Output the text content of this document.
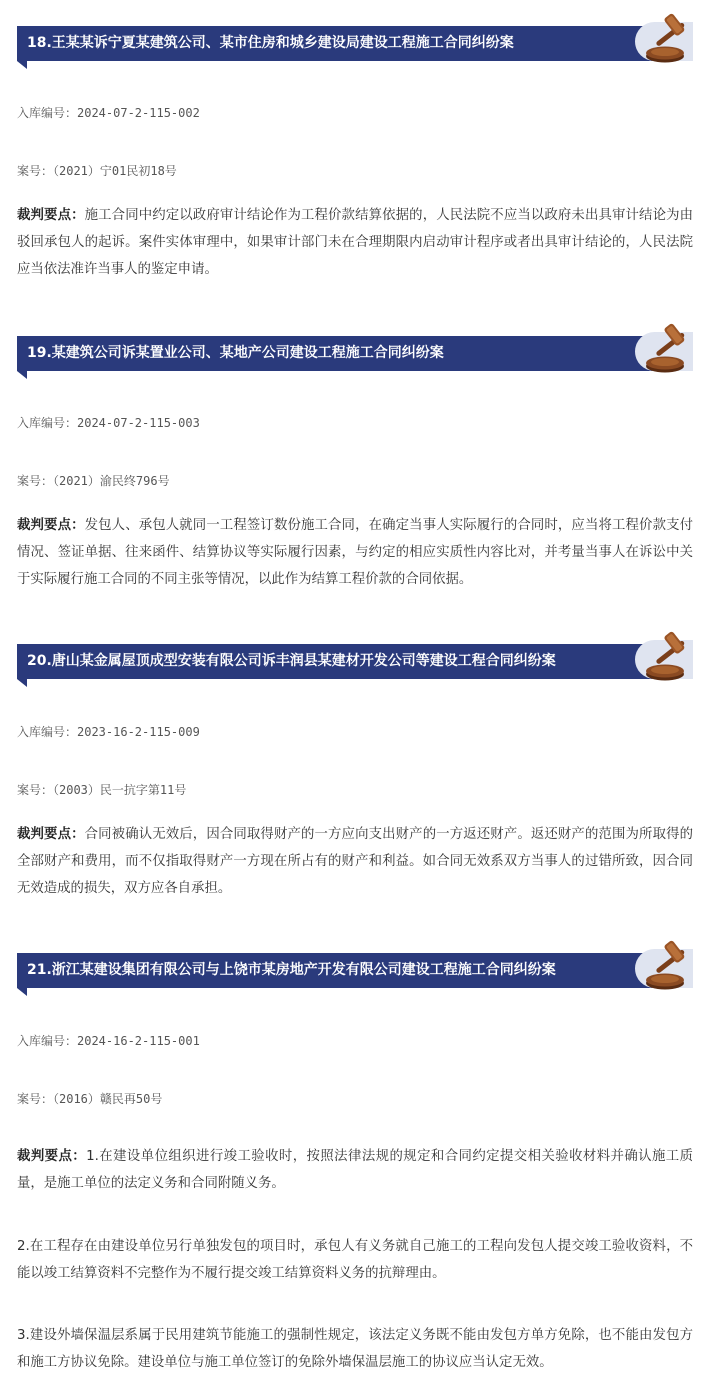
18.王某某诉宁夏某建筑公司、某市住房和城乡建设局建设工程施工合同纠纷案
入库编号：2024-07-2-115-002
案号：（2021）宁01民初18号

裁判要点：施工合同中约定以政府审计结论作为工程价款结算依据的，人民法院不应当以政府未出具审计结论为由驳回承包人的起诉。案件实体审理中，如果审计部门未在合理期限内启动审计程序或者出具审计结论的，人民法院应当依法准许当事人的鉴定申请。

19.某建筑公司诉某置业公司、某地产公司建设工程施工合同纠纷案
入库编号：2024-07-2-115-003
案号：（2021）渝民终796号

裁判要点：发包人、承包人就同一工程签订数份施工合同，在确定当事人实际履行的合同时，应当将工程价款支付情况、签证单据、往来函件、结算协议等实际履行因素，与约定的相应实质性内容比对，并考量当事人在诉讼中关于实际履行施工合同的不同主张等情况，以此作为结算工程价款的合同依据。

20.唐山某金属屋顶成型安装有限公司诉丰润县某建材开发公司等建设工程合同纠纷案
入库编号：2023-16-2-115-009
案号：（2003）民一抗字第11号

裁判要点：合同被确认无效后，因合同取得财产的一方应向支出财产的一方返还财产。返还财产的范围为所取得的全部财产和费用，而不仅指取得财产一方现在所占有的财产和利益。如合同无效系双方当事人的过错所致，因合同无效造成的损失，双方应各自承担。

21.浙江某建设集团有限公司与上饶市某房地产开发有限公司建设工程施工合同纠纷案
入库编号：2024-16-2-115-001
案号：（2016）赣民再50号

裁判要点：1.在建设单位组织进行竣工验收时，按照法律法规的规定和合同约定提交相关验收材料并确认施工质量，是施工单位的法定义务和合同附随义务。

2.在工程存在由建设单位另行单独发包的项目时，承包人有义务就自己施工的工程向发包人提交竣工验收资料，不能以竣工结算资料不完整作为不履行提交竣工结算资料义务的抗辩理由。

3.建设外墙保温层系属于民用建筑节能施工的强制性规定，该法定义务既不能由发包方单方免除，也不能由发包方和施工方协议免除。建设单位与施工单位签订的免除外墙保温层施工的协议应当认定无效。
